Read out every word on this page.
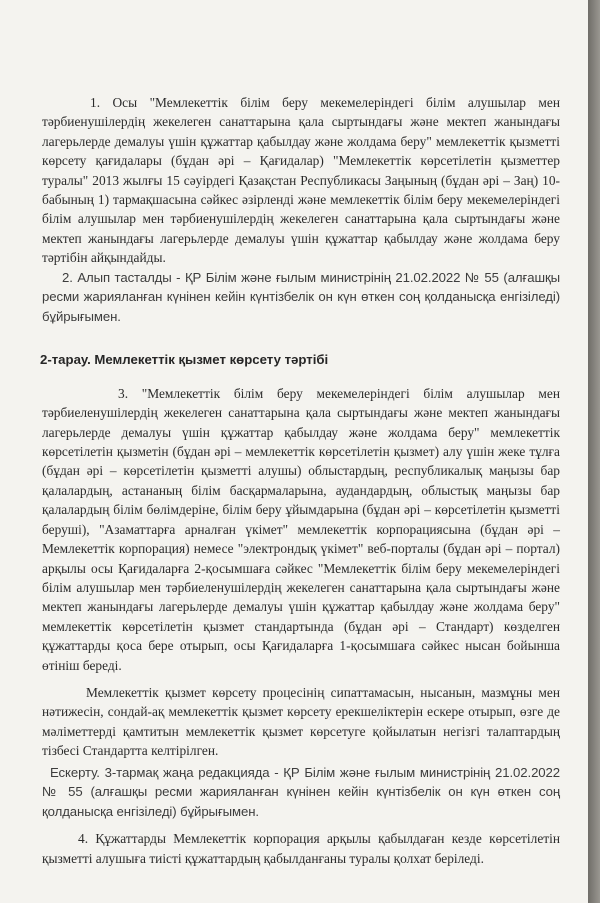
1. Осы "Мемлекеттік білім беру мекемелеріндегі білім алушылар мен тәрбиенушілердің жекелеген санаттарына қала сыртындағы және мектеп жанындағы лагерьлерде демалуы үшін құжаттар қабылдау және жолдама беру" мемлекеттік қызметті көрсету қағидалары (бұдан әрі – Қағидалар) "Мемлекеттік көрсетілетін қызметтер туралы" 2013 жылғы 15 сәуірдегі Қазақстан Республикасы Заңының (бұдан әрі – Заң) 10-бабының 1) тармақшасына сәйкес әзірленді және мемлекеттік білім беру мекемелеріндегі білім алушылар мен тәрбиенушілердің жекелеген санаттарына қала сыртындағы және мектеп жанындағы лагерьлерде демалуы үшін құжаттар қабылдау және жолдама беру тәртібін айқындайды.

2. Алып тасталды - ҚР Білім және ғылым министрінің 21.02.2022 № 55 (алғашқы ресми жарияланған күнінен кейін күнтізбелік он күн өткен соң қолданысқа енгізіледі) бұйрығымен.

2-тарау. Мемлекеттік қызмет көрсету тәртібі

3. "Мемлекеттік білім беру мекемелеріндегі білім алушылар мен тәрбиеленушілердің жекелеген санаттарына қала сыртындағы және мектеп жанындағы лагерьлерде демалуы үшін құжаттар қабылдау және жолдама беру" мемлекеттік көрсетілетін қызметін (бұдан әрі – мемлекеттік көрсетілетін қызмет) алу үшін жеке тұлға (бұдан әрі – көрсетілетін қызметті алушы) облыстардың, республикалық маңызы бар қалалардың, астананың білім басқармаларына, аудандардың, облыстық маңызы бар қалалардың білім бөлімдеріне, білім беру ұйымдарына (бұдан әрі – көрсетілетін қызметті беруші), "Азаматтарға арналған үкімет" мемлекеттік корпорациясына (бұдан әрі – Мемлекеттік корпорация) немесе "электрондық үкімет" веб-порталы (бұдан әрі – портал) арқылы осы Қағидаларға 2-қосымшаға сәйкес "Мемлекеттік білім беру мекемелеріндегі білім алушылар мен тәрбиеленушілердің жекелеген санаттарына қала сыртындағы және мектеп жанындағы лагерьлерде демалуы үшін құжаттар қабылдау және жолдама беру" мемлекеттік көрсетілетін қызмет стандартында (бұдан әрі – Стандарт) көзделген құжаттарды қоса бере отырып, осы Қағидаларға 1-қосымшаға сәйкес нысан бойынша өтініш береді.

Мемлекеттік қызмет көрсету процесінің сипаттамасын, нысанын, мазмұны мен нәтижесін, сондай-ақ мемлекеттік қызмет көрсету ерекшеліктерін ескере отырып, өзге де мәліметтерді қамтитын мемлекеттік қызмет көрсетуге қойылатын негізгі талаптардың тізбесі Стандартта келтірілген.

Ескерту. 3-тармақ жаңа редакцияда - ҚР Білім және ғылым министрінің 21.02.2022 № 55 (алғашқы ресми жарияланған күнінен кейін күнтізбелік он күн өткен соң қолданысқа енгізіледі) бұйрығымен.

4. Құжаттарды Мемлекеттік корпорация арқылы қабылдаған кезде көрсетілетін қызметті алушыға тиісті құжаттардың қабылданғаны туралы қолхат беріледі.
